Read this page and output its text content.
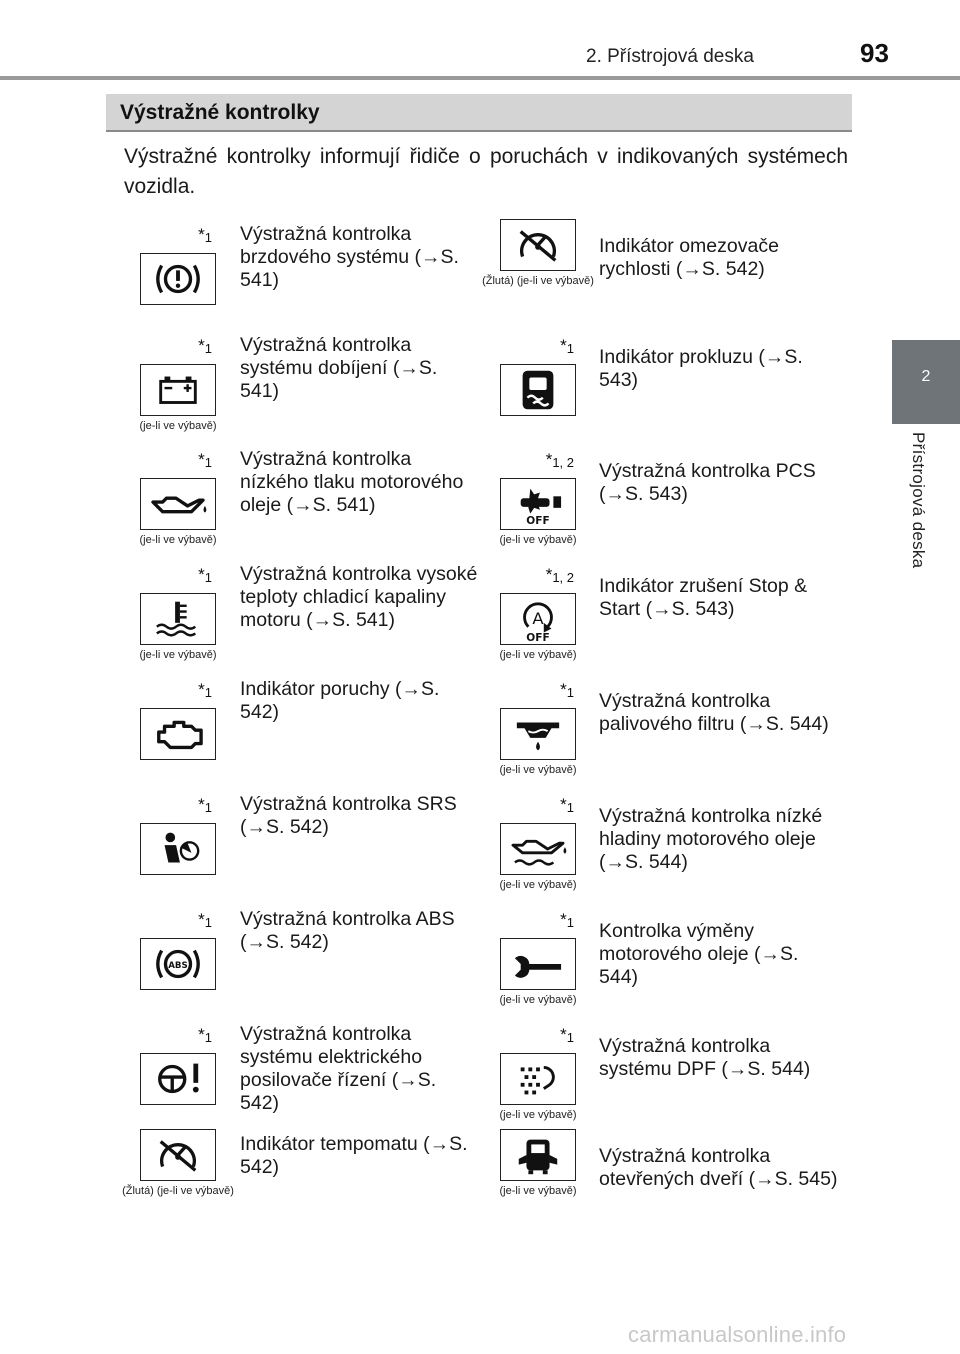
2. Přístrojová deska	93
2
Přístrojová deska
Výstražné kontrolky
Výstražné kontrolky informují řidiče o poruchách v indikovaných systémech vozidla.
$*_1$ Výstražná kontrolka brzdového systému (→S. 541)	(Žlutá) (je-li ve výbavě)
Indikátor omezovače rychlosti (→S. 542)
$*_1$
(je-li ve výbavě)
Výstražná kontrolka systému dobíjení (→S. 541)
$*_1$ Indikátor prokluzu (→S. 543)
$*_1$
(je-li ve výbavě)
Výstražná kontrolka nízkého tlaku motorového oleje (→S. 541)
$*_{1, 2}$
OFF
(je-li ve výbavě)
Výstražná kontrolka PCS (→S. 543)
$*_1$
(je-li ve výbavě)
Výstražná kontrolka vysoké teploty chladicí kapaliny motoru (→S. 541)
$*_{1, 2}$
A
OFF
(je-li ve výbavě)
Indikátor zrušení Stop & Start (→S. 543)
$*_1$ Indikátor poruchy (→S. 542)
$*_1$
(je-li ve výbavě)
Výstražná kontrolka palivového filtru (→S. 544)
$*_1$ Výstražná kontrolka SRS (→S. 542)
$*_1$
(je-li ve výbavě)
Výstražná kontrolka nízké hladiny motorového oleje (→S. 544)
$*_1$
ABS
Výstražná kontrolka ABS (→S. 542)
$*_1$
(je-li ve výbavě)
Kontrolka výměny motorového oleje (→S. 544)
$*_1$ Výstražná kontrolka systému elektrického posilovače řízení (→S. 542)
$*_1$
(je-li ve výbavě)
Výstražná kontrolka systému DPF (→S. 544)
(Žlutá) (je-li ve výbavě)
Indikátor tempomatu (→S. 542)
(je-li ve výbavě)
Výstražná kontrolka otevřených dveří (→S. 545)
carmanualsonline.info
